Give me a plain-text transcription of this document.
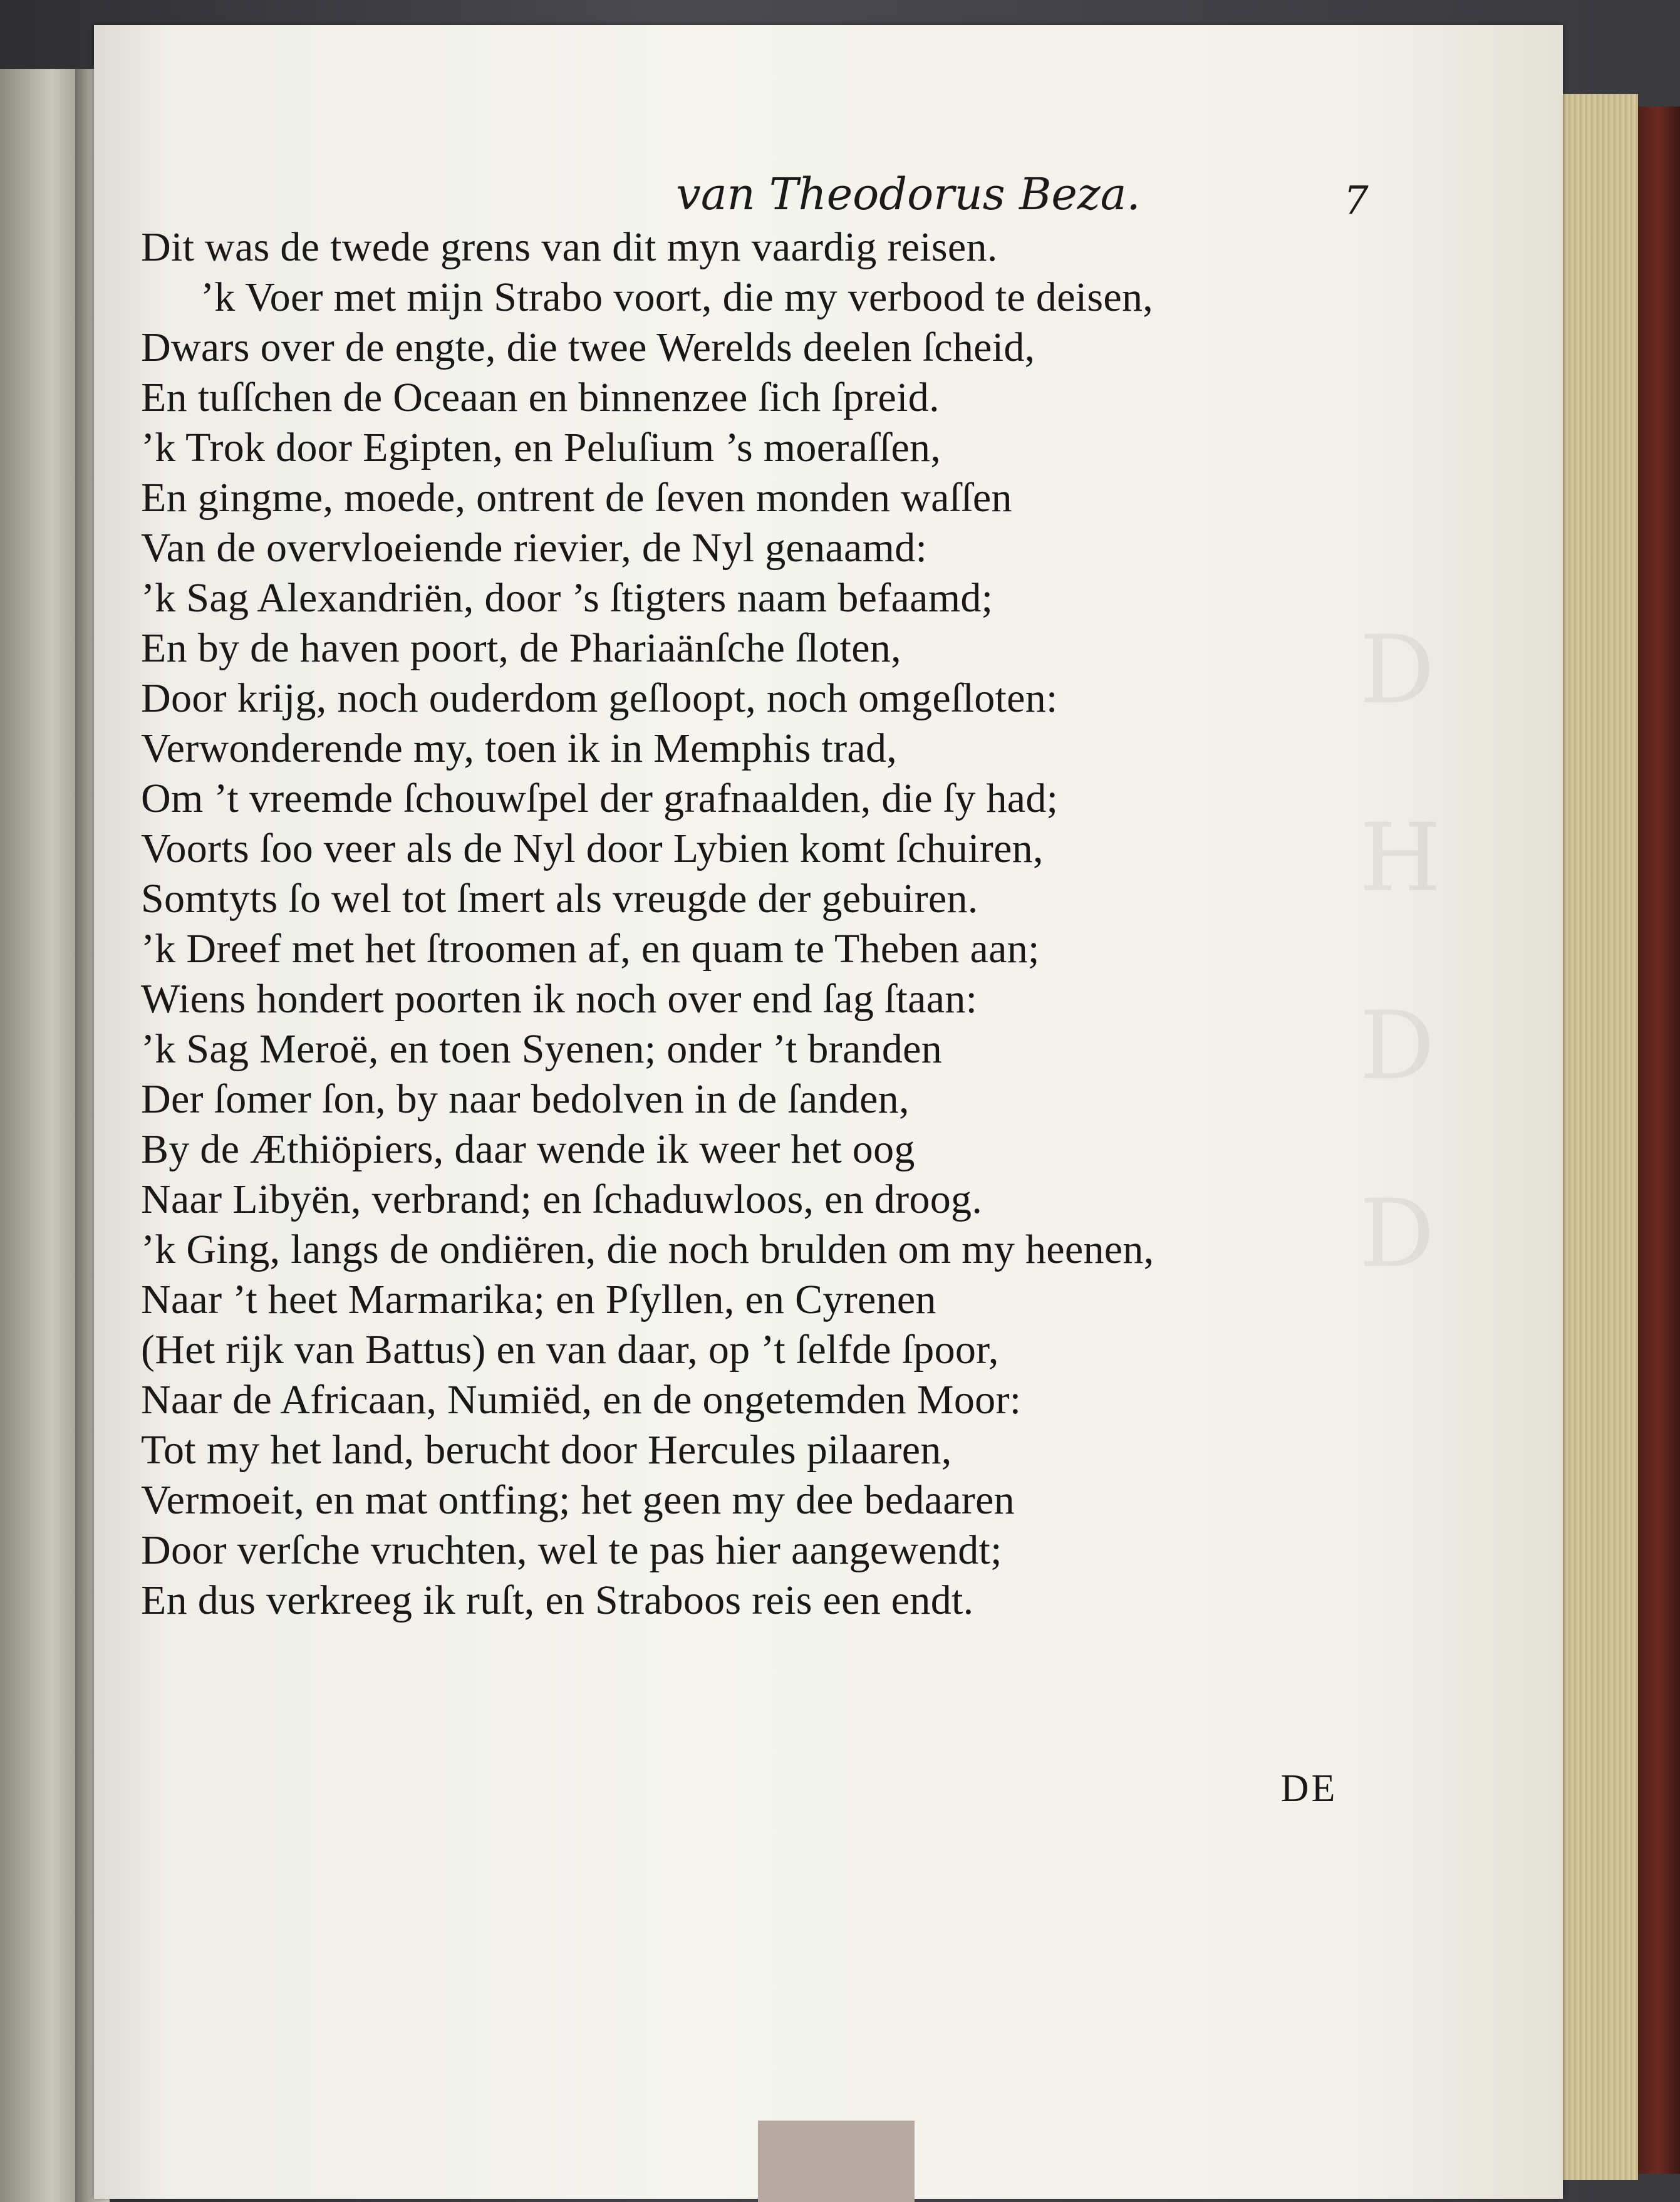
D
H
D
D
van Theodorus Beza.	7
Dit was de twede grens van dit myn vaardig reisen.
’k Voer met mijn Strabo voort, die my verbood te deisen,
Dwars over de engte, die twee Werelds deelen ſcheid,
En tuſſchen de Oceaan en binnenzee ſich ſpreid.
’k Trok door Egipten, en Peluſium ’s moeraſſen,
En gingme, moede, ontrent de ſeven monden waſſen
Van de overvloeiende rievier, de Nyl genaamd:
’k Sag Alexandriën, door ’s ſtigters naam befaamd;
En by de haven poort, de Phariaänſche ſloten,
Door krijg, noch ouderdom geſloopt, noch omgeſloten:
Verwonderende my, toen ik in Memphis trad,
Om ’t vreemde ſchouwſpel der grafnaalden, die ſy had;
Voorts ſoo veer als de Nyl door Lybien komt ſchuiren,
Somtyts ſo wel tot ſmert als vreugde der gebuiren.
’k Dreef met het ſtroomen af, en quam te Theben aan;
Wiens hondert poorten ik noch over end ſag ſtaan:
’k Sag Meroë, en toen Syenen; onder ’t branden
Der ſomer ſon, by naar bedolven in de ſanden,
By de Æthiöpiers, daar wende ik weer het oog
Naar Libyën, verbrand; en ſchaduwloos, en droog.
’k Ging, langs de ondiëren, die noch brulden om my heenen,
Naar ’t heet Marmarika; en Pſyllen, en Cyrenen
(Het rijk van Battus) en van daar, op ’t ſelfde ſpoor,
Naar de Africaan, Numiëd, en de ongetemden Moor:
Tot my het land, berucht door Hercules pilaaren,
Vermoeit, en mat ontfing; het geen my dee bedaaren
Door verſche vruchten, wel te pas hier aangewendt;
En dus verkreeg ik ruſt, en Straboos reis een endt.
DE
